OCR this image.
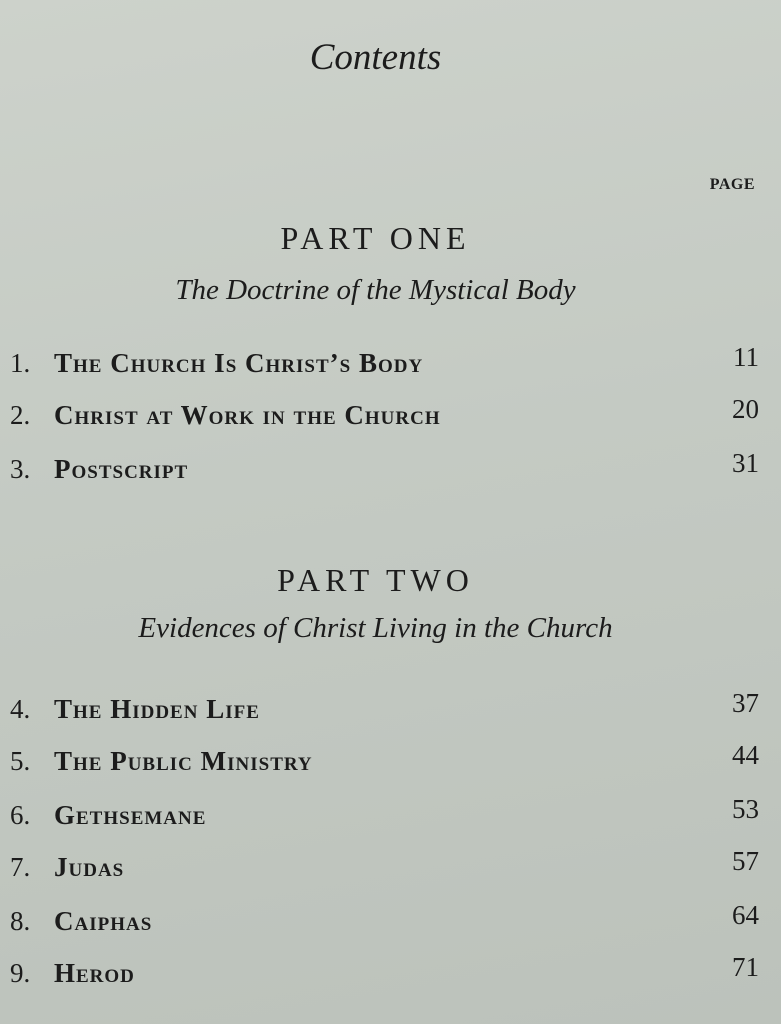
Contents
PAGE
PART ONE
The Doctrine of the Mystical Body
1. The Church Is Christ’s Body	11
2. Christ at Work in the Church	20
3. Postscript	31
PART TWO
Evidences of Christ Living in the Church
4. The Hidden Life	37
5. The Public Ministry	44
6. Gethsemane	53
7. Judas	57
8. Caiphas	64
9. Herod	71
